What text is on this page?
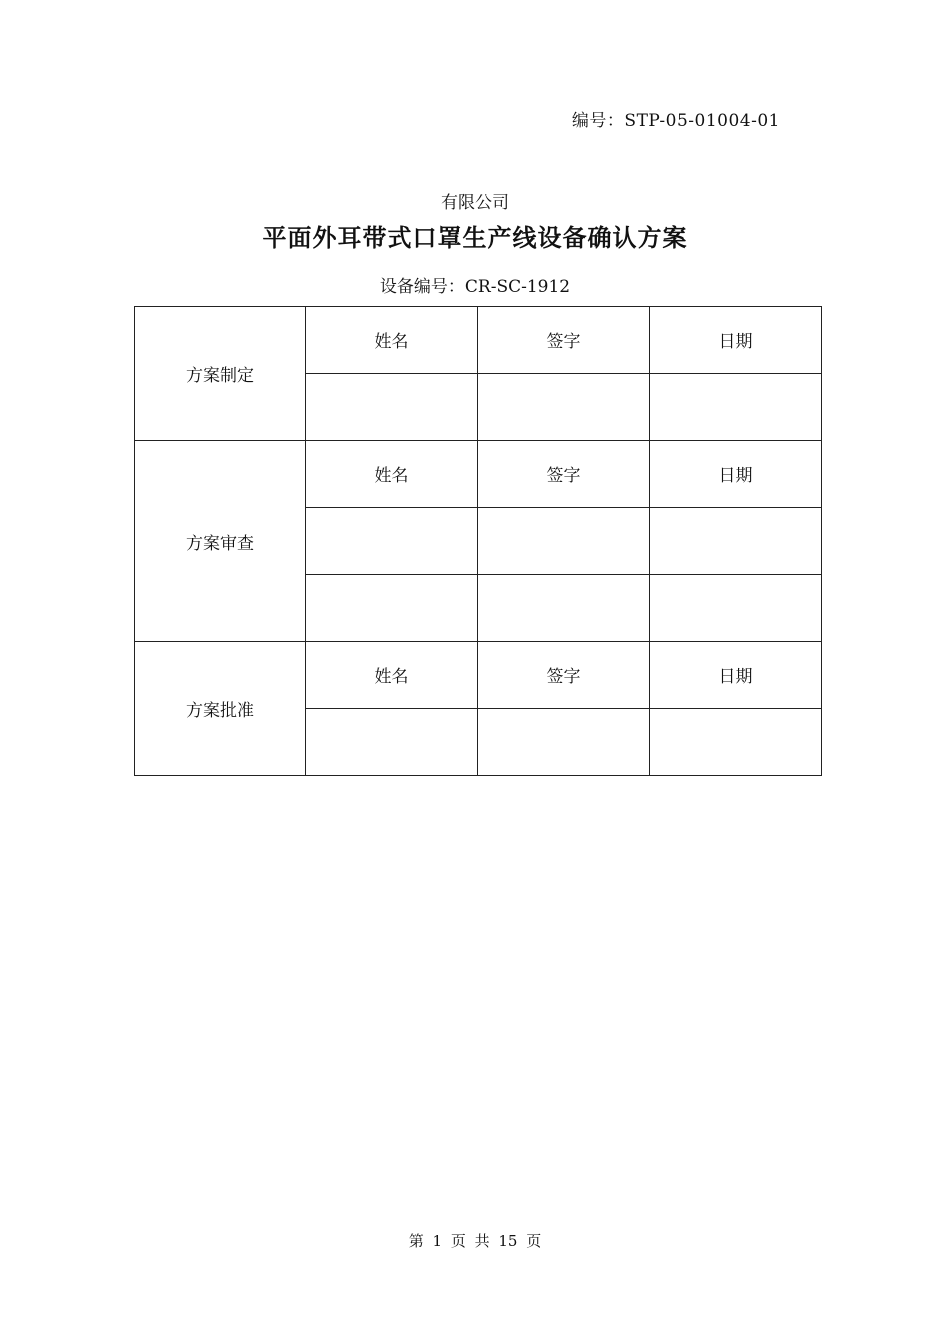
编号：STP-05-01004-01
有限公司
平面外耳带式口罩生产线设备确认方案
设备编号：CR-SC-1912
方案制定	姓名	签字	日期

方案审查	姓名	签字	日期

方案批准	姓名	签字	日期

第 1 页 共 15 页
